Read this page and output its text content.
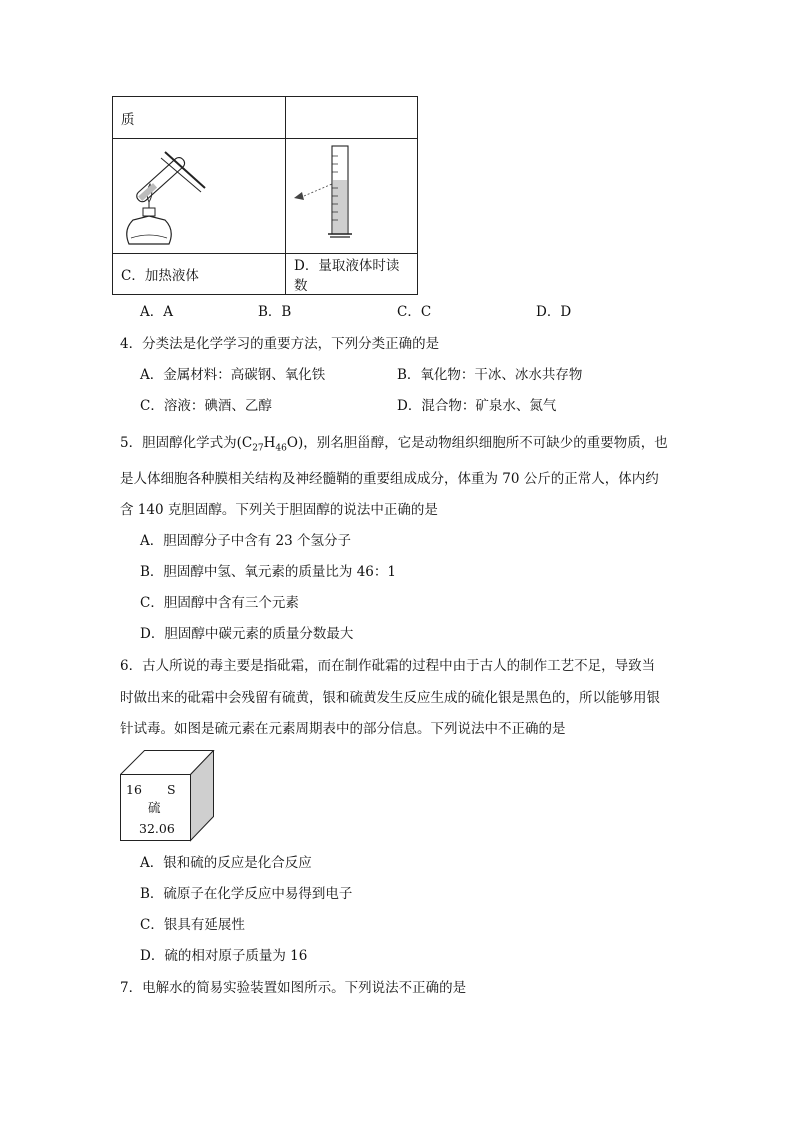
质	

C．加热液体	D．量取液体时读数
A．A	B．B	C．C	D．D
4．分类法是化学学习的重要方法，下列分类正确的是
A．金属材料：高碳钢、氧化铁	B．氧化物：干冰、冰水共存物
C．溶液：碘酒、乙醇	D．混合物：矿泉水、氮气
5．胆固醇化学式为$(C_{27}H_{46}O)$，别名胆甾醇，它是动物组织细胞所不可缺少的重要物质，也
是人体细胞各种膜相关结构及神经髓鞘的重要组成成分，体重为 70 公斤的正常人，体内约
含 140 克胆固醇。下列关于胆固醇的说法中正确的是
A．胆固醇分子中含有 23 个氢分子
B．胆固醇中氢、氧元素的质量比为 46：1
C．胆固醇中含有三个元素
D．胆固醇中碳元素的质量分数最大
6．古人所说的毒主要是指砒霜，而在制作砒霜的过程中由于古人的制作工艺不足，导致当
时做出来的砒霜中会残留有硫黄，银和硫黄发生反应生成的硫化银是黑色的，所以能够用银
针试毒。如图是硫元素在元素周期表中的部分信息。下列说法中不正确的是
16 S
硫
32.06
A．银和硫的反应是化合反应
B．硫原子在化学反应中易得到电子
C．银具有延展性
D．硫的相对原子质量为 16
7．电解水的简易实验装置如图所示。下列说法不正确的是
